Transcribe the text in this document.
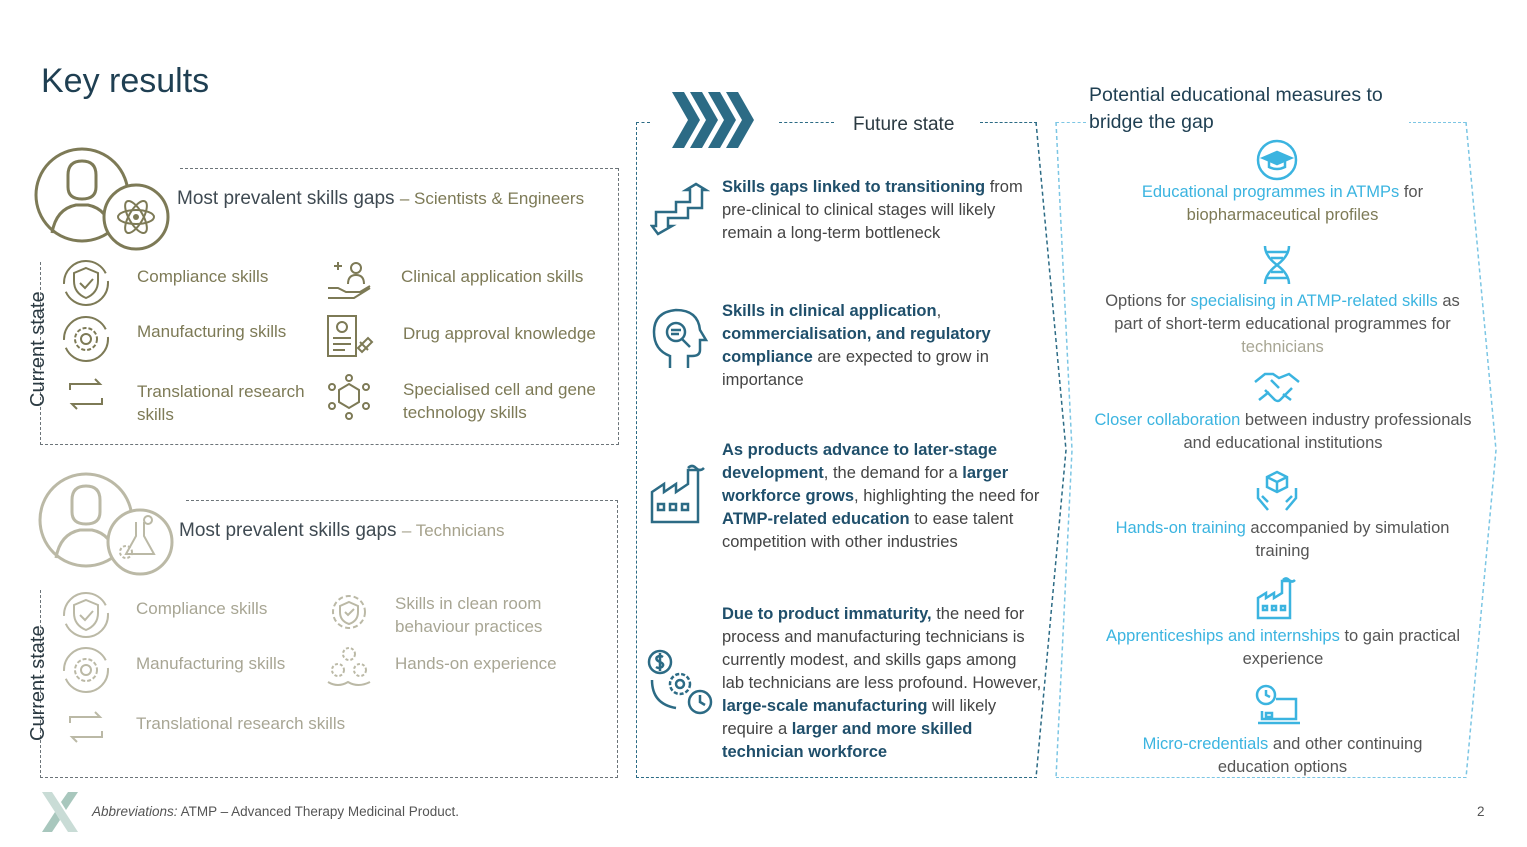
Key results
Most prevalent skills gaps – Scientists & Engineers
Current state
Compliance skills
Manufacturing skills
Translational research skills
Clinical application skills
Drug approval knowledge
Specialised cell and gene technology skills
Most prevalent skills gaps – Technicians
Current state
Compliance skills
Manufacturing skills
Translational research skills
Skills in clean room behaviour practices
Hands-on experience
Future state
Skills gaps linked to transitioning from pre-clinical to clinical stages will likely remain a long-term bottleneck
Skills in clinical application, commercialisation, and regulatory compliance are expected to grow in importance
As products advance to later-stage development, the demand for a larger workforce grows, highlighting the need for ATMP-related education to ease talent competition with other industries
Due to product immaturity, the need for process and manufacturing technicians is currently modest, and skills gaps among lab technicians are less profound. However, large-scale manufacturing will likely require a larger and more skilled technician workforce
Potential educational measures to bridge the gap
Educational programmes in ATMPs for biopharmaceutical profiles
Options for specialising in ATMP-related skills as part of short-term educational programmes for technicians
Closer collaboration between industry professionals and educational institutions
Hands-on training accompanied by simulation training
Apprenticeships and internships to gain practical experience
Micro-credentials and other continuing education options
Abbreviations: ATMP – Advanced Therapy Medicinal Product.	2
